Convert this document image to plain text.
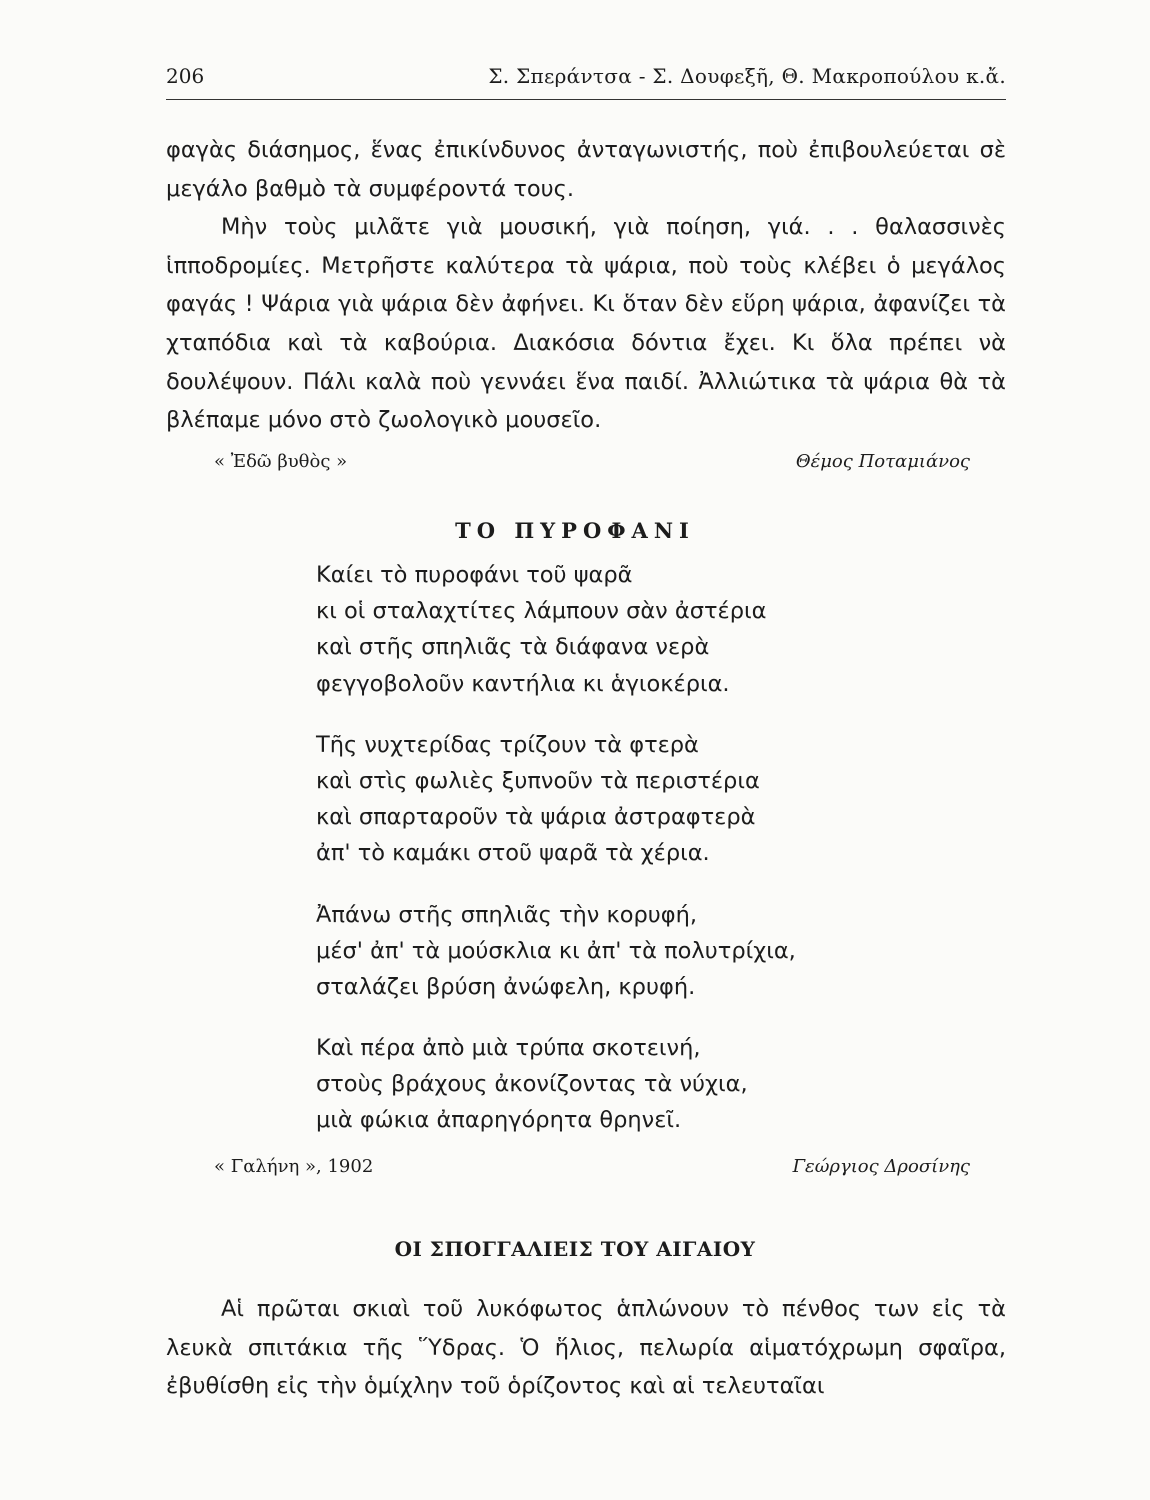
206	Σ. Σπεράντσα - Σ. Δουφεξῆ, Θ. Μακροπούλου κ.ἄ.

φαγὰς διάσημος, ἕνας ἐπικίνδυνος ἀνταγωνιστής, ποὺ ἐπιβουλεύεται σὲ μεγάλο βαθμὸ τὰ συμφέροντά τους.

Μὴν τοὺς μιλᾶτε γιὰ μουσική, γιὰ ποίηση, γιά. . . θαλασσινὲς ἱπποδρομίες. Μετρῆστε καλύτερα τὰ ψάρια, ποὺ τοὺς κλέβει ὁ μεγάλος φαγάς ! Ψάρια γιὰ ψάρια δὲν ἀφήνει. Κι ὅταν δὲν εὕρη ψάρια, ἀφανίζει τὰ χταπόδια καὶ τὰ καβούρια. Διακόσια δόντια ἔχει. Κι ὅλα πρέπει νὰ δουλέψουν. Πάλι καλὰ ποὺ γεννάει ἕνα παιδί. Ἀλλιώτικα τὰ ψάρια θὰ τὰ βλέπαμε μόνο στὸ ζωολογικὸ μουσεῖο.

« Ἐδῶ βυθὸς »	Θέμος Ποταμιάνος
ΤΟ ΠΥΡΟΦΑΝΙ
Καίει τὸ πυροφάνι τοῦ ψαρᾶ
κι οἱ σταλαχτίτες λάμπουν σὰν ἀστέρια
καὶ στῆς σπηλιᾶς τὰ διάφανα νερὰ
φεγγοβολοῦν καντήλια κι ἁγιοκέρια.
Τῆς νυχτερίδας τρίζουν τὰ φτερὰ
καὶ στὶς φωλιὲς ξυπνοῦν τὰ περιστέρια
καὶ σπαρταροῦν τὰ ψάρια ἀστραφτερὰ
ἀπ' τὸ καμάκι στοῦ ψαρᾶ τὰ χέρια.
Ἀπάνω στῆς σπηλιᾶς τὴν κορυφή,
μέσ' ἀπ' τὰ μούσκλια κι ἀπ' τὰ πολυτρίχια,
σταλάζει βρύση ἀνώφελη, κρυφή.
Καὶ πέρα ἀπὸ μιὰ τρύπα σκοτεινή,
στοὺς βράχους ἀκονίζοντας τὰ νύχια,
μιὰ φώκια ἀπαρηγόρητα θρηνεῖ.
« Γαλήνη », 1902	Γεώργιος Δροσίνης
ΟΙ ΣΠΟΓΓΑΛΙΕΙΣ ΤΟΥ ΑΙΓΑΙΟΥ

Αἱ πρῶται σκιαὶ τοῦ λυκόφωτος ἁπλώνουν τὸ πένθος των εἰς τὰ λευκὰ σπιτάκια τῆς Ὕδρας. Ὁ ἥλιος, πελωρία αἱματόχρωμη σφαῖρα, ἐβυθίσθη εἰς τὴν ὁμίχλην τοῦ ὁρίζοντος καὶ αἱ τελευταῖαι
